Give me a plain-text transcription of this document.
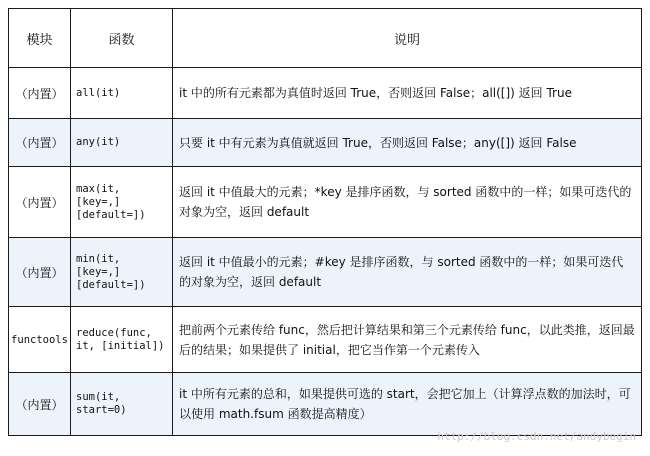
模块	函数	说明
（内置）	all(it)	it 中的所有元素都为真值时返回 True，否则返回 False；all([]) 返回 True
（内置）	any(it)	只要 it 中有元素为真值就返回 True，否则返回 False；any([]) 返回 False
（内置）	max(it,
[key=,]
[default=])	返回 it 中值最大的元素；*key 是排序函数，与 sorted 函数中的一样；如果可迭代的对象为空，返回 default
（内置）	min(it,
[key=,]
[default=])	返回 it 中值最小的元素；#key 是排序函数，与 sorted 函数中的一样；如果可迭代的对象为空，返回 default
functools	reduce(func,
it, [initial])	把前两个元素传给 func，然后把计算结果和第三个元素传给 func，以此类推，返回最后的结果；如果提供了 initial，把它当作第一个元素传入
（内置）	sum(it,
start=0)	it 中所有元素的总和，如果提供可选的 start，会把它加上（计算浮点数的加法时，可以使用 math.fsum 函数提高精度）
http://blog.csdn.net/andybegin
